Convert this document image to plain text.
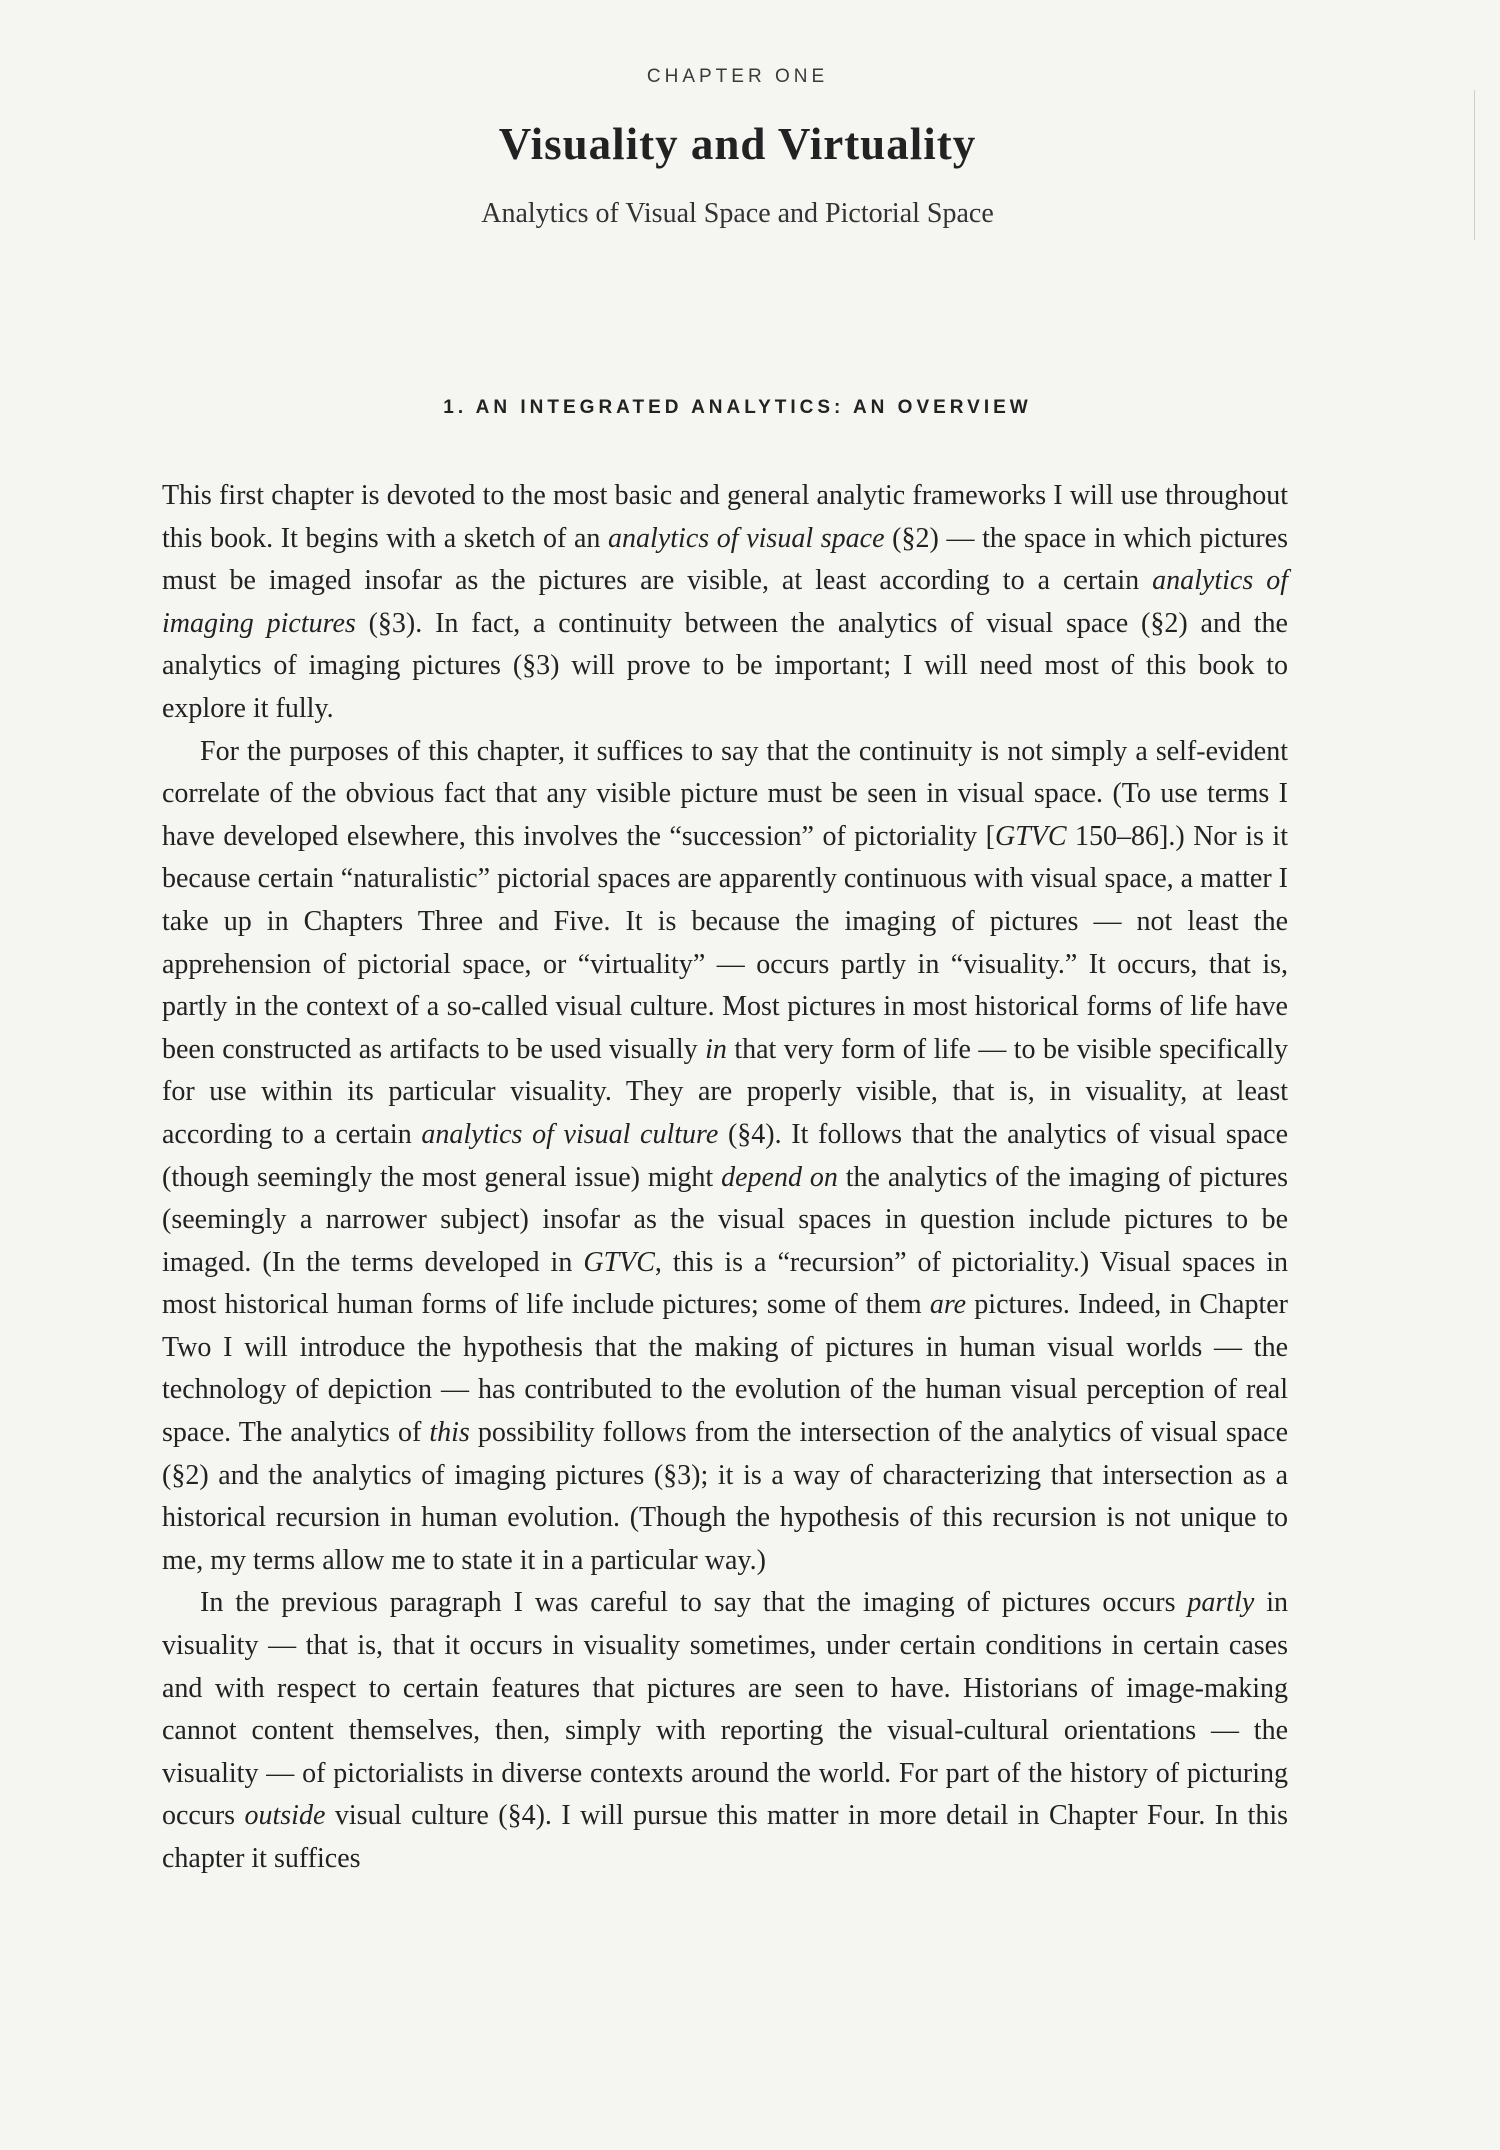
CHAPTER ONE
Visuality and Virtuality
Analytics of Visual Space and Pictorial Space
1. AN INTEGRATED ANALYTICS: AN OVERVIEW

This first chapter is devoted to the most basic and general analytic frameworks I will use throughout this book. It begins with a sketch of an analytics of visual space (§2) — the space in which pictures must be imaged insofar as the pictures are visible, at least according to a certain analytics of imaging pictures (§3). In fact, a continuity between the analytics of visual space (§2) and the analytics of imaging pictures (§3) will prove to be important; I will need most of this book to explore it fully.

For the purposes of this chapter, it suffices to say that the continuity is not simply a self-evident correlate of the obvious fact that any visible picture must be seen in visual space. (To use terms I have developed elsewhere, this involves the “succession” of pictoriality [GTVC 150–86].) Nor is it because certain “naturalistic” pictorial spaces are apparently continuous with visual space, a matter I take up in Chapters Three and Five. It is because the imaging of pictures — not least the apprehension of pictorial space, or “virtuality” — occurs partly in “visuality.” It occurs, that is, partly in the context of a so-called visual culture. Most pictures in most historical forms of life have been constructed as artifacts to be used visually in that very form of life — to be visible specifically for use within its particular visuality. They are properly visible, that is, in visuality, at least according to a certain analytics of visual culture (§4). It follows that the analytics of visual space (though seemingly the most general issue) might depend on the analytics of the imaging of pictures (seemingly a narrower subject) insofar as the visual spaces in question include pictures to be imaged. (In the terms developed in GTVC, this is a “recursion” of pictoriality.) Visual spaces in most historical human forms of life include pictures; some of them are pictures. Indeed, in Chapter Two I will introduce the hypothesis that the making of pictures in human visual worlds — the technology of depiction — has contributed to the evolution of the human visual perception of real space. The analytics of this possibility follows from the intersection of the analytics of visual space (§2) and the analytics of imaging pictures (§3); it is a way of characterizing that intersection as a historical recursion in human evolution. (Though the hypothesis of this recursion is not unique to me, my terms allow me to state it in a particular way.)

In the previous paragraph I was careful to say that the imaging of pictures occurs partly in visuality — that is, that it occurs in visuality sometimes, under certain conditions in certain cases and with respect to certain features that pictures are seen to have. Historians of image-making cannot content themselves, then, simply with reporting the visual-cultural orientations — the visuality — of pictorialists in diverse contexts around the world. For part of the history of picturing occurs outside visual culture (§4). I will pursue this matter in more detail in Chapter Four. In this chapter it suffices
